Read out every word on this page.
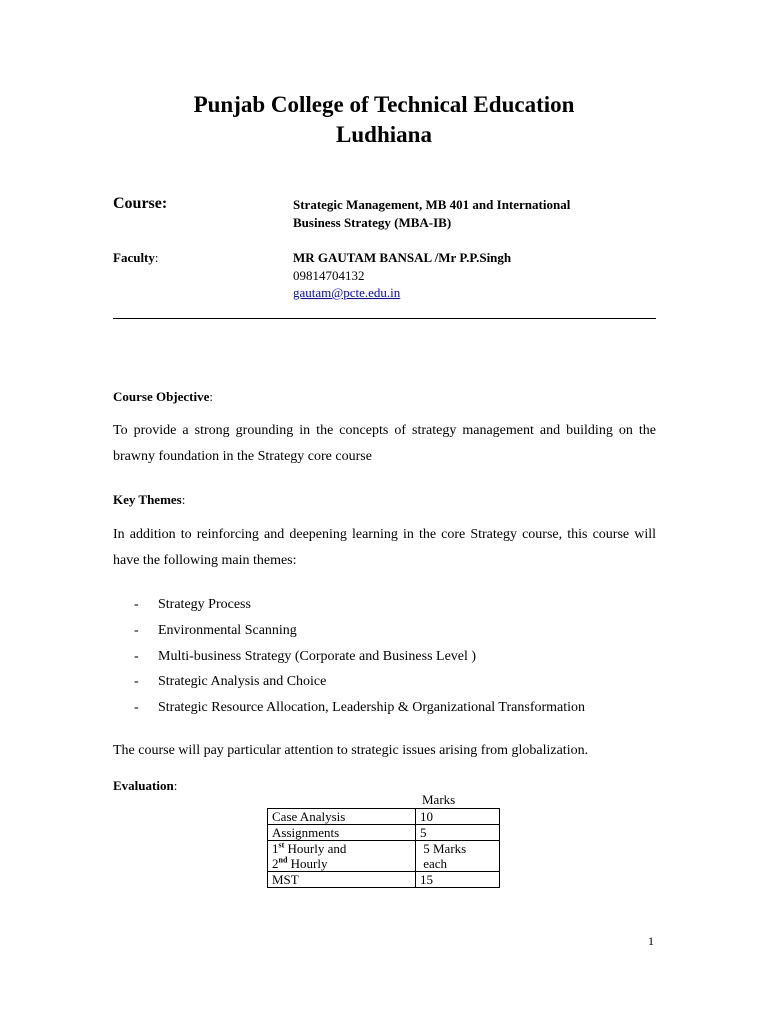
Punjab College of Technical Education
Ludhiana
Course:	Strategic Management, MB 401 and International
Business Strategy (MBA-IB)
Faculty:	MR GAUTAM BANSAL /Mr P.P.Singh
09814704132
gautam@pcte.edu.in
Course Objective:
To provide a strong grounding in the concepts of strategy management and building on the brawny foundation in the Strategy core course
Key Themes:
In addition to reinforcing and deepening learning in the core Strategy course, this course will have the following main themes:
- Strategy Process
- Environmental Scanning
- Multi-business Strategy (Corporate and Business Level )
- Strategic Analysis and Choice
- Strategic Resource Allocation, Leadership & Organizational Transformation
The course will pay particular attention to strategic issues arising from globalization.
Evaluation:
Marks
Case Analysis	10
Assignments	5
1st Hourly and
2nd Hourly	5 Marks
each
MST	15
1
